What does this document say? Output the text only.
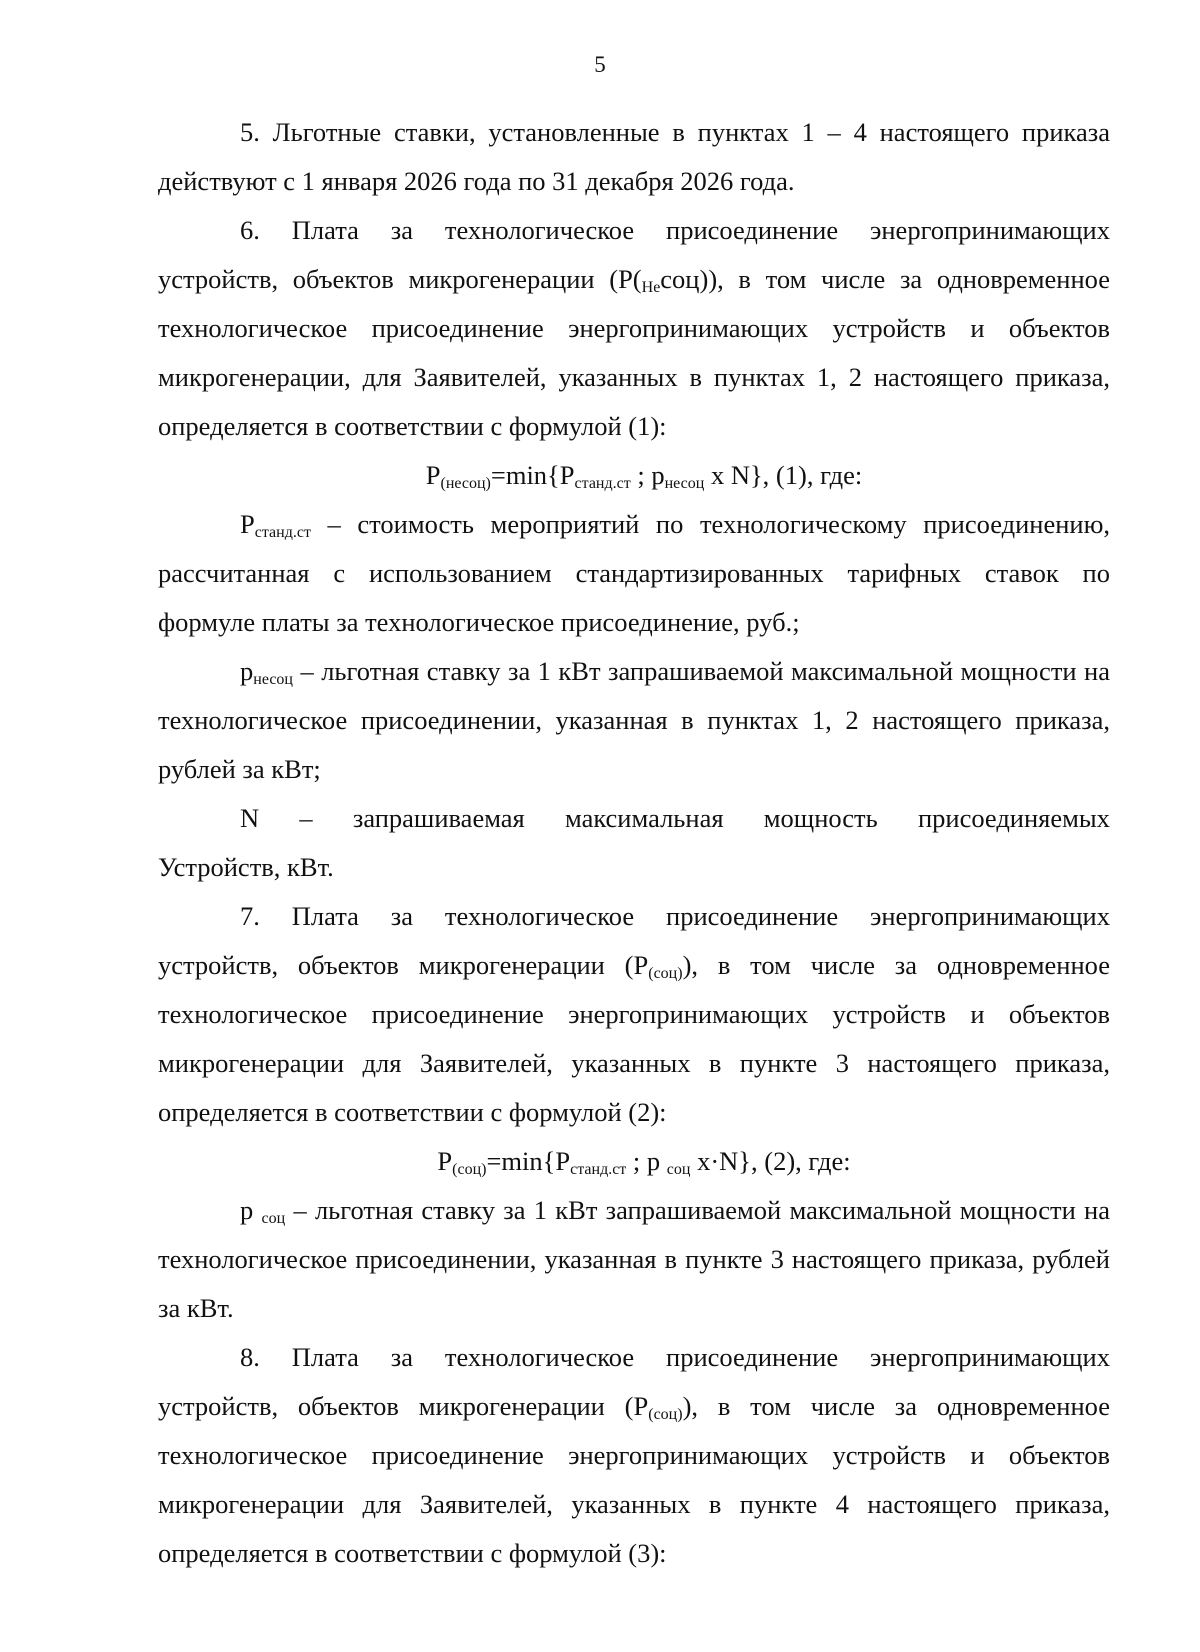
5

5. Льготные ставки, установленные в пунктах 1 – 4 настоящего приказа действуют с 1 января 2026 года по 31 декабря 2026 года.

6. Плата за технологическое присоединение энергопринимающих устройств, объектов микрогенерации $(Р(_{Не}соц))$, в том числе за одновременное технологическое присоединение энергопринимающих устройств и объектов микрогенерации, для Заявителей, указанных в пунктах 1, 2 настоящего приказа, определяется в соответствии с формулой (1):

$Р_{(несоц)}=\min\{Р_{станд.ст}$ ; $р_{несоц}$ x N}, (1), где:

$Р_{станд.ст}$ – стоимость мероприятий по технологическому присоединению, рассчитанная с использованием стандартизированных тарифных ставок по формуле платы за технологическое присоединение, руб.;

$р_{несоц}$ – льготная ставку за 1 кВт запрашиваемой максимальной мощности на технологическое присоединении, указанная в пунктах 1, 2 настоящего приказа, рублей за кВт;

N – запрашиваемая максимальная мощность присоединяемых
Устройств, кВт.

7. Плата за технологическое присоединение энергопринимающих устройств, объектов микрогенерации $(Р_{(соц)})$, в том числе за одновременное технологическое присоединение энергопринимающих устройств и объектов микрогенерации для Заявителей, указанных в пункте 3 настоящего приказа, определяется в соответствии с формулой (2):

$Р_{(соц)}=\min\{Р_{станд.ст}$ ; р $_{соц}$ x·N}, (2), где:

р $_{соц}$ – льготная ставку за 1 кВт запрашиваемой максимальной мощности на технологическое присоединении, указанная в пункте 3 настоящего приказа, рублей за кВт.

8. Плата за технологическое присоединение энергопринимающих устройств, объектов микрогенерации $(Р_{(соц)})$, в том числе за одновременное технологическое присоединение энергопринимающих устройств и объектов микрогенерации для Заявителей, указанных в пункте 4 настоящего приказа, определяется в соответствии с формулой (3):
